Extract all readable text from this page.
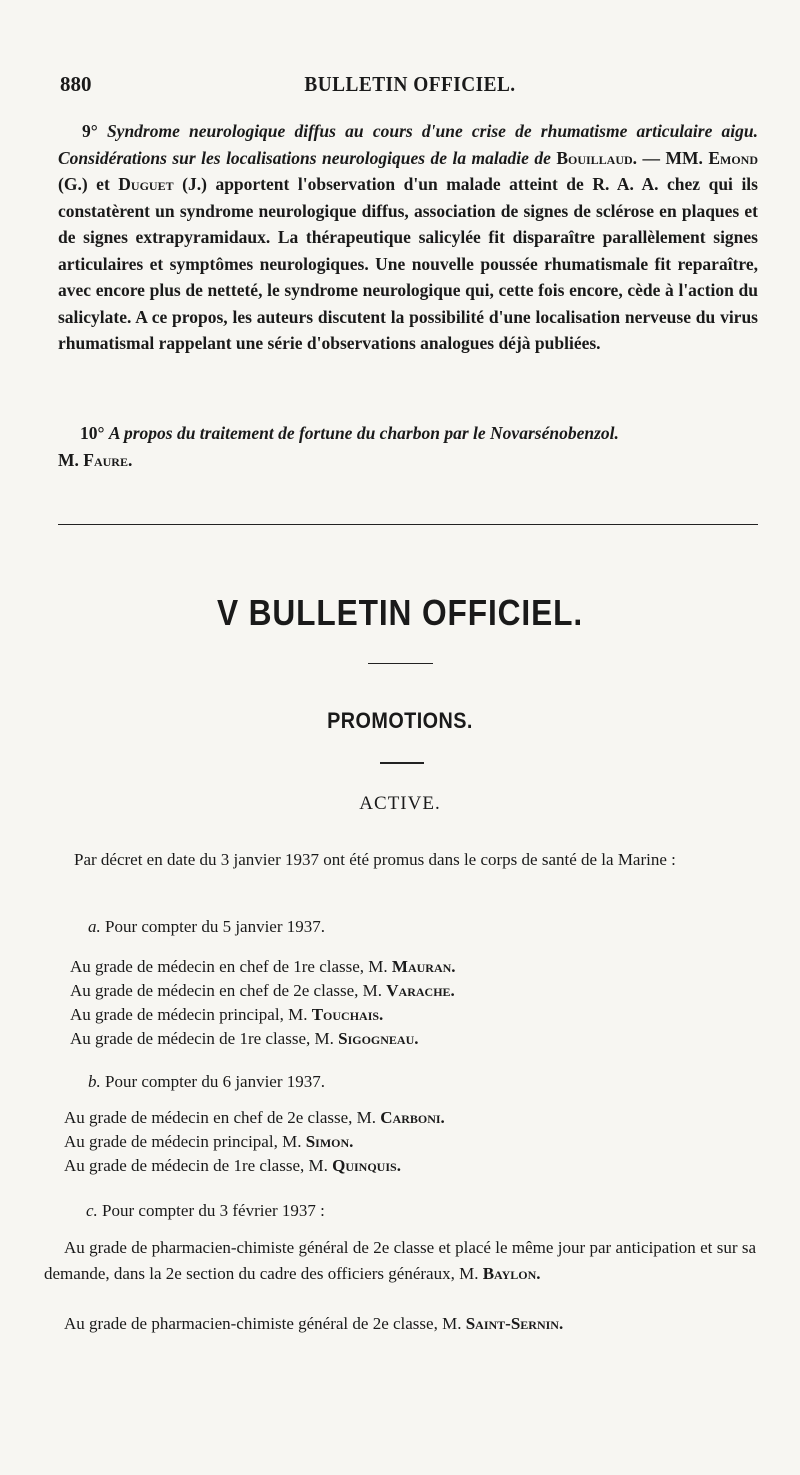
880	BULLETIN OFFICIEL.
9° Syndrome neurologique diffus au cours d'une crise de rhumatisme articulaire aigu. Considérations sur les localisations neurologiques de la maladie de Bouillaud. — MM. Emond (G.) et Duguet (J.) apportent l'observation d'un malade atteint de R. A. A. chez qui ils constatèrent un syndrome neurologique diffus, association de signes de sclérose en plaques et de signes extrapyramidaux. La thérapeutique salicylée fit disparaître parallèlement signes articulaires et symptômes neurologiques. Une nouvelle poussée rhumatismale fit reparaître, avec encore plus de netteté, le syndrome neurologique qui, cette fois encore, cède à l'action du salicylate. A ce propos, les auteurs discutent la possibilité d'une localisation nerveuse du virus rhumatismal rappelant une série d'observations analogues déjà publiées.
10° A propos du traitement de fortune du charbon par le Novarsénobenzol.
M. Faure.
V BULLETIN OFFICIEL.
PROMOTIONS.
ACTIVE.
Par décret en date du 3 janvier 1937 ont été promus dans le corps de santé de la Marine :
a. Pour compter du 5 janvier 1937.
Au grade de médecin en chef de 1re classe, M. Mauran.
Au grade de médecin en chef de 2e classe, M. Varache.
Au grade de médecin principal, M. Touchais.
Au grade de médecin de 1re classe, M. Sigogneau.
b. Pour compter du 6 janvier 1937.
Au grade de médecin en chef de 2e classe, M. Carboni.
Au grade de médecin principal, M. Simon.
Au grade de médecin de 1re classe, M. Quinquis.
c. Pour compter du 3 février 1937 :
Au grade de pharmacien-chimiste général de 2e classe et placé le même jour par anticipation et sur sa demande, dans la 2e section du cadre des officiers généraux, M. Baylon.
Au grade de pharmacien-chimiste général de 2e classe, M. Saint-Sernin.
